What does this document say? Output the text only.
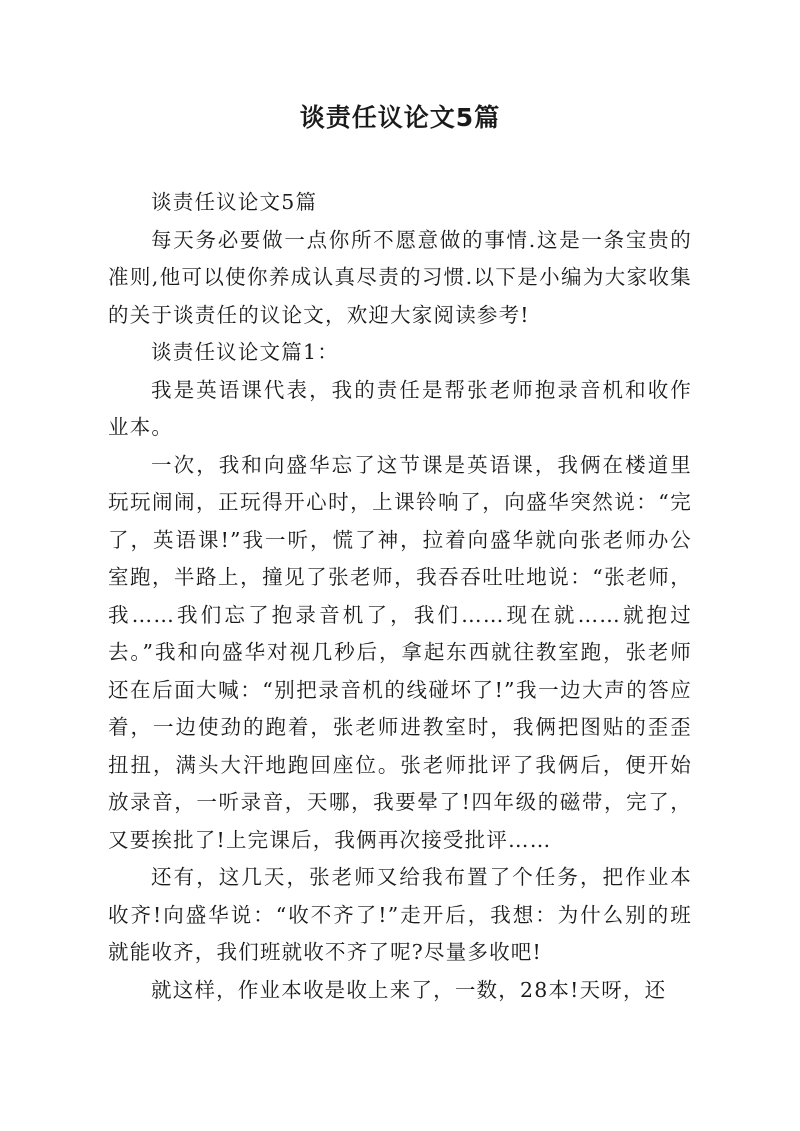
谈责任议论文5篇

谈责任议论文5篇

每天务必要做一点你所不愿意做的事情.这是一条宝贵的准则,他可以使你养成认真尽责的习惯.以下是小编为大家收集的关于谈责任的议论文，欢迎大家阅读参考!

谈责任议论文篇1：

我是英语课代表，我的责任是帮张老师抱录音机和收作业本。

一次，我和向盛华忘了这节课是英语课，我俩在楼道里玩玩闹闹，正玩得开心时，上课铃响了，向盛华突然说：“完了，英语课!”我一听，慌了神，拉着向盛华就向张老师办公室跑，半路上，撞见了张老师，我吞吞吐吐地说：“张老师，我……我们忘了抱录音机了，我们……现在就……就抱过去。”我和向盛华对视几秒后，拿起东西就往教室跑，张老师还在后面大喊：“别把录音机的线碰坏了!”我一边大声的答应着，一边使劲的跑着，张老师进教室时，我俩把图贴的歪歪扭扭，满头大汗地跑回座位。张老师批评了我俩后，便开始放录音，一听录音，天哪，我要晕了!四年级的磁带，完了，又要挨批了!上完课后，我俩再次接受批评……

还有，这几天，张老师又给我布置了个任务，把作业本收齐!向盛华说：“收不齐了!”走开后，我想：为什么别的班就能收齐，我们班就收不齐了呢?尽量多收吧!

就这样，作业本收是收上来了，一数，28本!天呀，还
